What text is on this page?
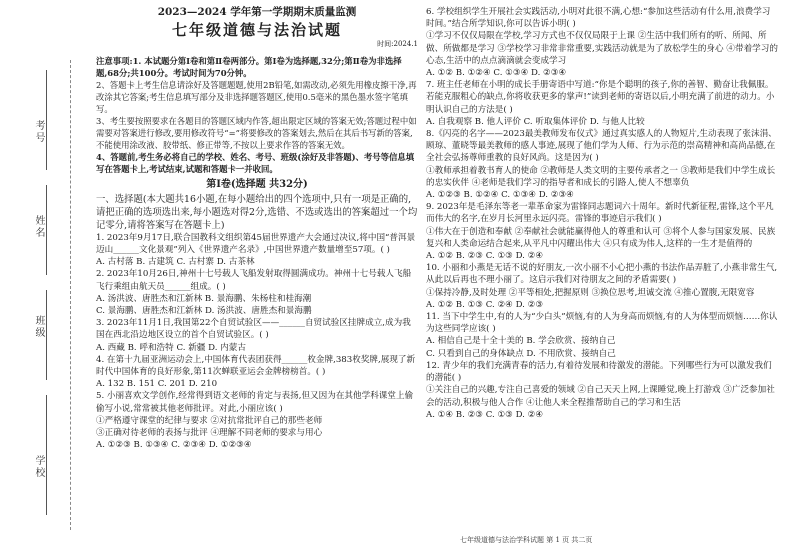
考号
姓名
班级
学校
2023—2024 学年第一学期期末质量监测
七年级道德与法治试题
时间:2024.1

注意事项:1. 本试题分第Ⅰ卷和第Ⅱ卷两部分。第Ⅰ卷为选择题,32分;第Ⅱ卷为非选择题,68分;共100分。考试时间为70分钟。

2、答题卡上考生信息请涂好及答题题题,使用2B铅笔,如需改动,必须先用橡皮擦干净,再改涂其它答案;考生信息填写部分及非选择题答题区,使用0.5毫米的黑色墨水签字笔填写。

3、考生要按照要求在各题目的答题区域内作答,超出限定区域的答案无效;答题过程中如需要对答案进行修改,要用修改符号“=”将要修改的答案划去,然后在其后书写新的答案,不能使用涂改液、胶带纸、修正带等,不按以上要求作答的答案无效。

4、答题前,考生务必将自己的学校、姓名、考号、班级(涂好及非答题)、考号等信息填写在答题卡上,考试结束,试题和答题卡一并收回。

第Ⅰ卷(选择题 共32分)

一、选择题(本大题共16小题,在每小题给出的四个选项中,只有一项是正确的,请把正确的选项选出来,每小题选对得2分,选错、不选或选出的答案超过一个均记零分,请将答案写在答题卡上)

1. 2023年9月17日,联合国教科文组织第45届世界遗产大会通过决议,将中国“普洱景迈山______文化景观”列入《世界遗产名录》,中国世界遗产数量增至57项。( )

A. 古村落 B. 古建筑 C. 古村寨 D. 古茶林

2. 2023年10月26日,神州十七号载人飞船发射取得圆满成功。神州十七号载人飞船飞行乘组由航天员______组成。( )

A. 汤洪波、唐胜杰和江新林 B. 景海鹏、朱杨柱和桂海潮

C. 景海鹏、唐胜杰和江新林 D. 汤洪波、唐胜杰和景海鹏

3. 2023年11月1日,我国第22个自贸试验区——______自贸试验区挂牌成立,成为我国在西北沿边地区设立的首个自贸试验区。( )

A. 西藏 B. 呼和浩特 C. 新疆 D. 内蒙古

4. 在第十九届亚洲运动会上,中国体育代表团获得______枚金牌,383枚奖牌,展现了新时代中国体育的良好形象,第11次蝉联亚运会金牌榜榜首。( )

A. 132 B. 151 C. 201 D. 210

5. 小丽喜欢文学创作,经常得到语文老师的肯定与表扬,但又因为在其他学科课堂上偷偷写小说,常常被其他老师批评。对此,小丽应该( )

①严格遵守课堂的纪律与要求 ②对抗常批评自己的那些老师

③正确对待老师的表扬与批评 ④理解不同老师的要求与用心

A. ①②③ B. ①③④ C. ②③④ D. ①②③④

6. 学校组织学生开展社会实践活动,小明对此很不满,心想:“参加这些活动有什么用,浪费学习时间。”结合所学知识,你可以告诉小明( )

①学习不仅仅局限在学校,学习方式也不仅仅局限于上课 ②生活中我们所有的听、所闻、所做、所做都是学习 ③学校学习非常非常重要,实践活动就是为了放松学生的身心 ④带着学习的心态,生活中的点点滴滴就会变成学习

A. ①② B. ①②④ C. ①③④ D. ②③④

7. 班主任老师在小明的成长手册寄语中写道:“你是个聪明的孩子,你的善智、勤奋让我佩服。若能克服粗心的缺点,你将收获更多的掌声!”读到老师的寄语以后,小明充满了前进的动力。小明认识自己的方法是( )

A. 自我观察 B. 他人评价 C. 听取集体评价 D. 与他人比较

8.《闪亮的名字——2023最美教师发布仪式》通过真实感人的人物短片,生动表现了张沫涓、顾琼、董晓等最美教师的感人事迹,展现了他们学为人师、行为示范的崇高精神和高尚品德,在全社会弘扬尊师重教的良好风尚。这是因为( )

①教师承担着教书育人的使命 ②教师是人类文明的主要传承者之一 ③教师是我们中学生成长的忠实伙伴 ④老师是我们学习的指导者和成长的引路人,使人不想辜负

A. ①②③ B. ①②④ C. ①③④ D. ②③④

9. 2023年是毛泽东等老一辈革命家为雷锋同志题词六十周年。新时代新征程,雷锋,这个平凡而伟大的名字,在岁月长河里永远闪亮。雷锋的事迹启示我们( )

①伟大在于创造和奉献 ②奉献社会就能赢得他人的尊重和认可 ③将个人参与国家发展、民族复兴和人类命运结合起来,从平凡中闪耀出伟大 ④只有成为伟人,这样的一生才是值得的

A. ①② B. ②③ C. ①③ D. ②④

10. 小丽和小燕是无话不说的好朋友,一次小丽不小心把小燕的书法作品弄脏了,小燕非常生气,从此以后再也不理小丽了。这启示我们对待朋友之间的矛盾需要( )

①保持冷静,及时处理 ②平等相处,把握原则 ③换位思考,坦诚交流 ④推心置腹,无限宽容

A. ①② B. ①③ C. ②④ D. ②③

11. 当下中学生中,有的人为“少白头”烦恼,有的人为身高而烦恼,有的人为体型而烦恼……你认为这些同学应该( )

A. 相信自己是十全十美的 B. 学会欣赏、接纳自己

C. 只看到自己的身体缺点 D. 不用欣赏、接纳自己

12. 青少年的我们充满青春的活力,有着待发展和待激发的潜能。下列哪些行为可以激发我们的潜能( )

①关注自己的兴趣,专注自己喜爱的领域 ②自己天天上网,上课睡觉,晚上打游戏 ③广泛参加社会的活动,积极与他人合作 ④让他人来全程推帮助自己的学习和生活

A. ①④ B. ②③ C. ①③ D. ②④

七年级道德与法治学科试题 第 1 页 共二页
